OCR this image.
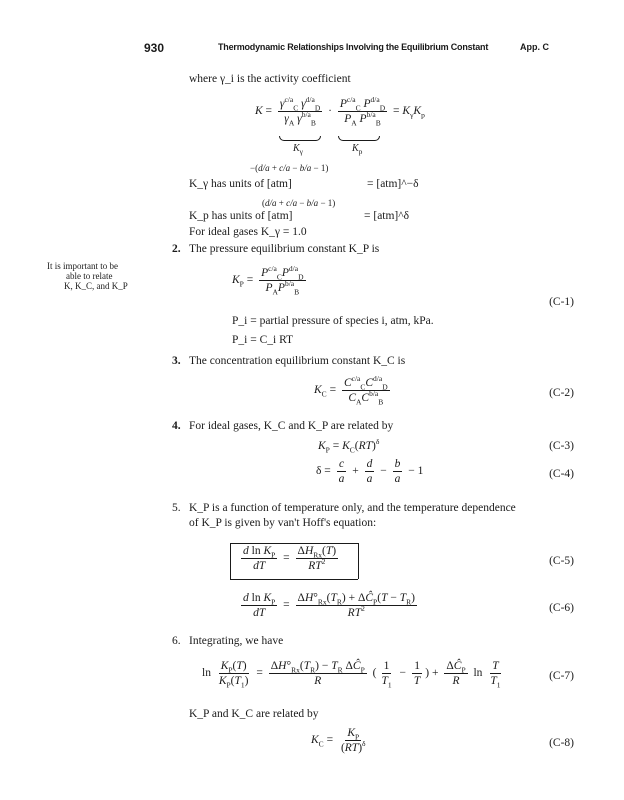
930	Thermodynamic Relationships Involving the Equilibrium Constant	App. C
It is important to be
able to relate
K, K_C, and K_P
where γ_i is the activity coefficient
$K = \frac{\gamma^{c/a}_C \gamma^{d/a}_D}{\gamma_A \gamma^{b/a}_B} \cdot \frac{P^{c/a}_C P^{d/a}_D}{P_A P^{b/a}_B} = K_\gamma K_p$
$K_\gamma$	$K_p$
−(d/a + c/a − b/a − 1)
K_γ has units of [atm]	= [atm]^−δ
(d/a + c/a − b/a − 1)
K_p has units of [atm]	= [atm]^δ
For ideal gases K_γ = 1.0
2. The pressure equilibrium constant K_P is
$K_P = \frac{P^{c/a}_CP^{d/a}_D}{P_AP^{b/a}_B}$
(C-1)
P_i = partial pressure of species i, atm, kPa.
P_i = C_i RT
3. The concentration equilibrium constant K_C is
$K_C = \frac{C^{c/a}_CC^{d/a}_D}{C_AC^{b/a}_B}$	(C-2)
4. For ideal gases, K_C and K_P are related by
$K_P = K_C(RT)^\delta$	(C-3)
$\delta = \frac{c}{a} + \frac{d}{a} - \frac{b}{a} - 1$	(C-4)
5. K_P is a function of temperature only, and the temperature dependence
of K_P is given by van't Hoff's equation:
$\frac{d \ln K_P}{dT} = \frac{\Delta H_{Rx}(T)}{RT^2}$	(C-5)
$\frac{d \ln K_P}{dT} = \frac{\Delta H^\circ_{Rx}(T_R) + \Delta Ĉ_P(T - T_R)}{RT^2}$	(C-6)
6. Integrating, we have
$\ln \frac{K_P(T)}{K_P(T_1)} = \frac{\Delta H^\circ_{Rx}(T_R) - T_R \Delta Ĉ_P}{R}$ ( $\frac{1}{T_1} - \frac{1}{T}$ ) + $\frac{\Delta Ĉ_P}{R}$ $\ln \frac{T}{T_1}$	(C-7)
K_P and K_C are related by
$K_C = \frac{K_P}{(RT)^\delta}$	(C-8)
